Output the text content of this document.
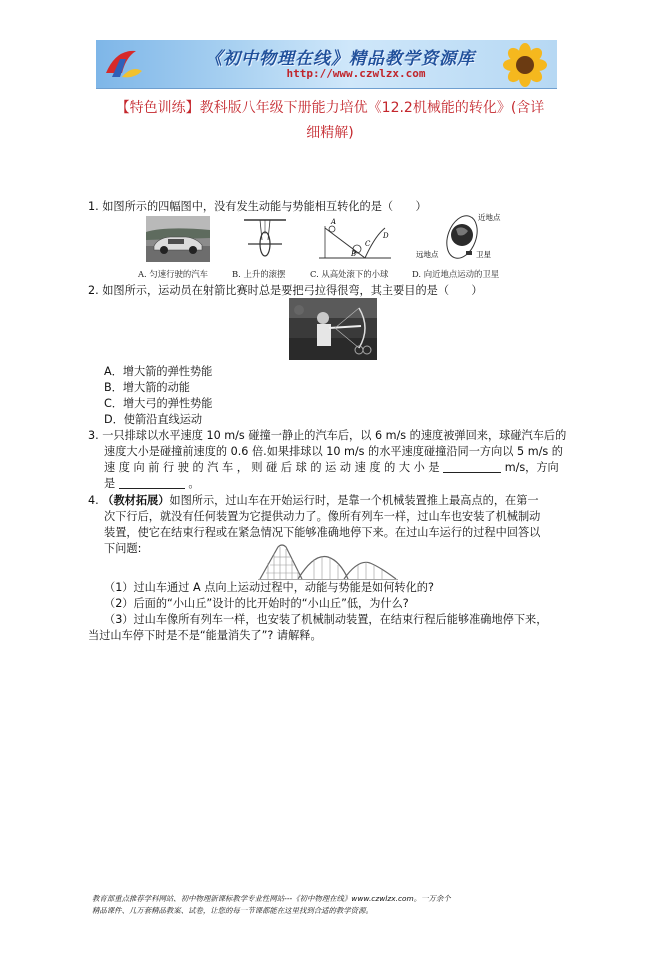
《初中物理在线》精品教学资源库
http://www.czwlzx.com
【特色训练】教科版八年级下册能力培优《12.2机械能的转化》(含详
细精解)
1. 如图所示的四幅图中，没有发生动能与势能相互转化的是（　　）
A
B
C
D
近地点
远地点	卫星
A. 匀速行驶的汽车	B. 上升的滚摆	C. 从高处滚下的小球	D. 向近地点运动的卫星
2. 如图所示，运动员在射箭比赛时总是要把弓拉得很弯，其主要目的是（　　）
A．增大箭的弹性势能
B．增大箭的动能
C．增大弓的弹性势能
D．使箭沿直线运动
3. 一只排球以水平速度 10 m/s 碰撞一静止的汽车后，以 6 m/s 的速度被弹回来，球碰汽车后的
速度大小是碰撞前速度的 0.6 倍.如果排球以 10 m/s 的水平速度碰撞沿同一方向以 5 m/s 的
速 度 向 前 行 驶 的 汽 车 ， 则 碰 后 球 的 运 动 速 度 的 大 小 是	m/s，方向
是	。
4. （教材拓展）如图所示，过山车在开始运行时，是靠一个机械装置推上最高点的，在第一
次下行后，就没有任何装置为它提供动力了。像所有列车一样，过山车也安装了机械制动
装置，使它在结束行程或在紧急情况下能够准确地停下来。在过山车运行的过程中回答以
下问题:
（1）过山车通过 A 点向上运动过程中，动能与势能是如何转化的?
（2）后面的“小山丘”设计的比开始时的“小山丘”低，为什么?
（3）过山车像所有列车一样，也安装了机械制动装置，在结束行程后能够准确地停下来，
当过山车停下时是不是“能量消失了”? 请解释。
教育部重点推荐学科网站、初中物理新课标教学专业性网站---《初中物理在线》www.czwlzx.com。一万余个
精品课件、几万套精品教案、试卷，让您的每一节课都能在这里找到合适的教学资源。
